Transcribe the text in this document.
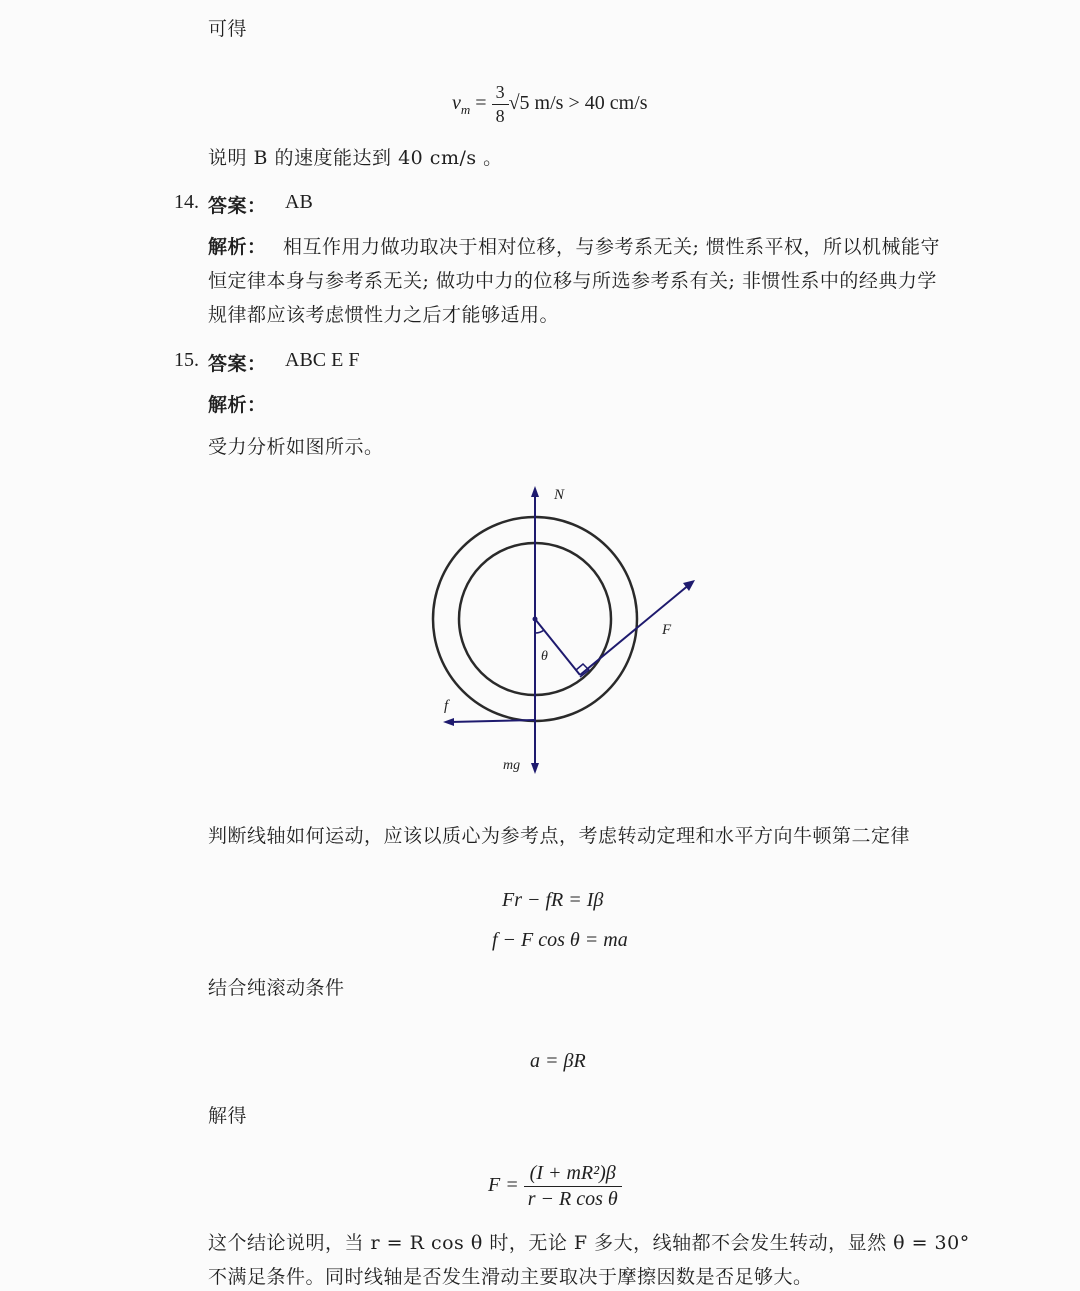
可得
$v_m = \frac{3}{8} √5$ m/s > 40 cm/s
说明 B 的速度能达到 40 cm/s 。
14. 答案： AB
解析： 相互作用力做功取决于相对位移，与参考系无关; 惯性系平权，所以机械能守
恒定律本身与参考系无关; 做功中力的位移与所选参考系有关; 非惯性系中的经典力学
规律都应该考虑惯性力之后才能够适用。
15. 答案： ABC E F
解析：
受力分析如图所示。
N
F
θ
f
mg
判断线轴如何运动，应该以质心为参考点，考虑转动定理和水平方向牛顿第二定律
Fr − fR = Iβ
f − F cos θ = ma
结合纯滚动条件
a = βR
解得
$F = \frac{\text{(I + mR²)β}}{\text{r − R cos θ}}$
这个结论说明，当 r = R cos θ 时，无论 F 多大，线轴都不会发生转动，显然 θ = 30°
不满足条件。同时线轴是否发生滑动主要取决于摩擦因数是否足够大。
